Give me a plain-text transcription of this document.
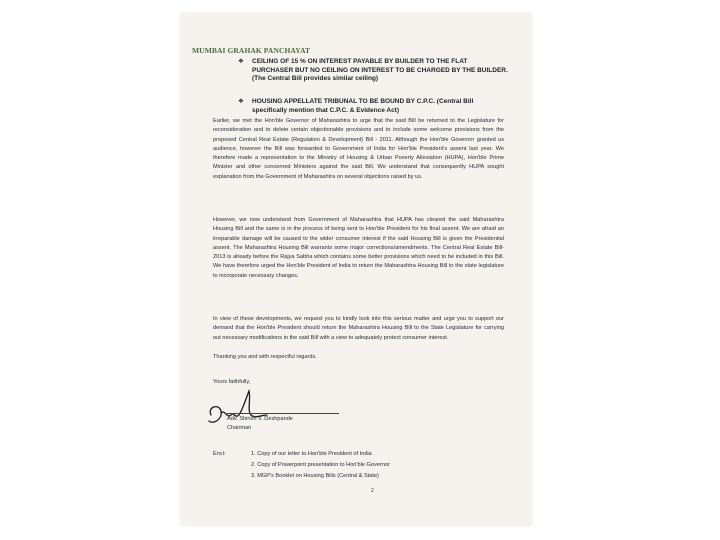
MUMBAI GRAHAK PANCHAYAT
❖ CEILING OF 15 % ON INTEREST PAYABLE BY BUILDER TO THE FLAT PURCHASER BUT NO CEILING ON INTEREST TO BE CHARGED BY THE BUILDER. (The Central Bill provides similar ceiling)
❖ HOUSING APPELLATE TRIBUNAL TO BE BOUND BY C.P.C. (Central Bill specifically mention that C.P.C. & Evidence Act)

Earlier, we met the Hon'ble Governor of Maharashtra to urge that the said Bill be returned to the Legislature for reconsideration and to delete certain objectionable provisions and to include some welcome provisions from the proposed Central Real Estate (Regulation & Development) Bill - 2011. Although the Hon'ble Governor granted us audience, however the Bill was forwarded to Government of India for Hon'ble President's assent last year. We therefore made a representation to the Ministry of Housing & Urban Poverty Alleviation (HUPA), Hon'ble Prime Minister and other concerned Ministers against the said Bill. We understand that consequently HUPA sought explanation from the Government of Maharashtra on several objections raised by us.

However, we now understand from Government of Maharashtra that HUPA has cleared the said Maharashtra Housing Bill and the same is in the process of being sent to Hon'ble President for his final assent. We are afraid an irreparable damage will be caused to the wider consumer interest if the said Housing Bill is given the Presidential assent. The Maharashtra Housing Bill warrants some major corrections/amendments. The Central Real Estate Bill- 2013 is already before the Rajya Sabha which contains some better provisions which need to be included in this Bill. We have therefore urged the Hon'ble President of India to return the Maharashtra Housing Bill to the state legislature to incorporate necessary changes.

In view of these developments, we request you to kindly look into this serious matter and urge you to support our demand that the Hon'ble President should return the Maharashtra Housing Bill to the State Legislature for carrying out necessary modifications in the said Bill with a view to adequately protect consumer interest.

Thanking you and with respectful regards.

Yours faithfully,
Adv. Shirish V. Deshpande
Chairman
Encl:	1. Copy of our letter to Hon'ble President of India
2. Copy of Powerpoint presentation to Hon'ble Governor
3. MGP's Booklet on Housing Bills (Central & State)
2
